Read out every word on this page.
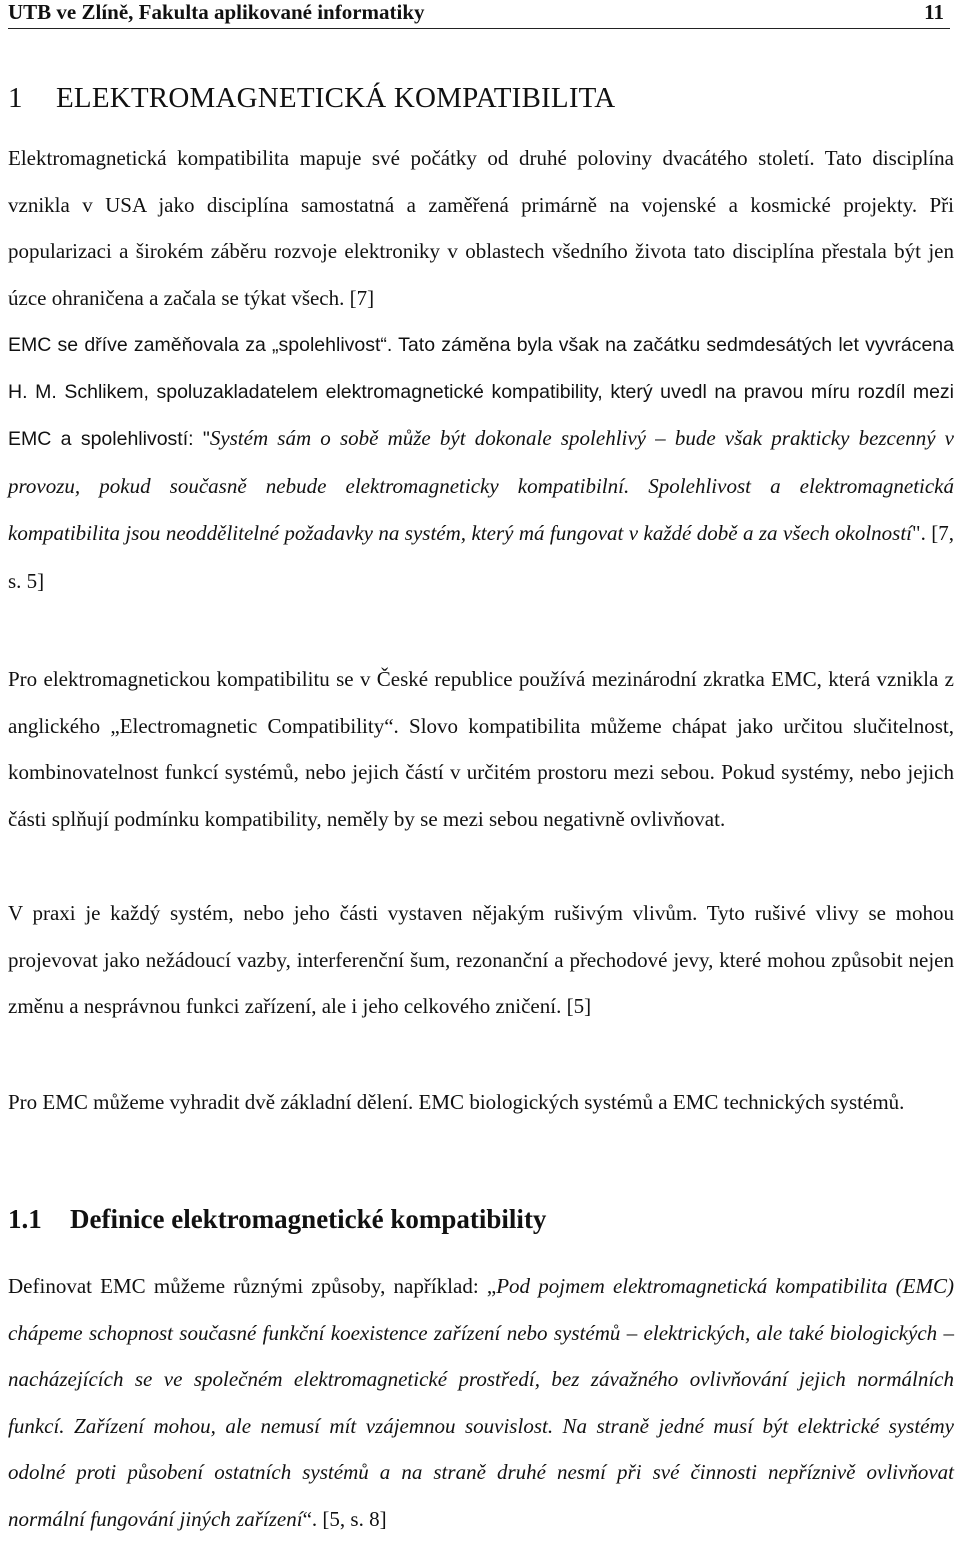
UTB ve Zlíně, Fakulta aplikované informatiky	11
1 ELEKTROMAGNETICKÁ KOMPATIBILITA
Elektromagnetická kompatibilita mapuje své počátky od druhé poloviny dvacátého století. Tato disciplína vznikla v USA jako disciplína samostatná a zaměřená primárně na vojenské a kosmické projekty. Při popularizaci a širokém záběru rozvoje elektroniky v oblastech všedního života tato disciplína přestala být jen úzce ohraničena a začala se týkat všech. [7]
EMC se dříve zaměňovala za „spolehlivost“. Tato záměna byla však na začátku sedmdesátých let vyvrácena H. M. Schlikem, spoluzakladatelem elektromagnetické kompatibility, který uvedl na pravou míru rozdíl mezi EMC a spolehlivostí: "Systém sám o sobě může být dokonale spolehlivý – bude však prakticky bezcenný v provozu, pokud současně nebude elektromagneticky kompatibilní. Spolehlivost a elektromagnetická kompatibilita jsou neoddělitelné požadavky na systém, který má fungovat v každé době a za všech okolností". [7, s. 5]
Pro elektromagnetickou kompatibilitu se v České republice používá mezinárodní zkratka EMC, která vznikla z anglického „Electromagnetic Compatibility“. Slovo kompatibilita můžeme chápat jako určitou slučitelnost, kombinovatelnost funkcí systémů, nebo jejich částí v určitém prostoru mezi sebou. Pokud systémy, nebo jejich části splňují podmínku kompatibility, neměly by se mezi sebou negativně ovlivňovat.
V praxi je každý systém, nebo jeho části vystaven nějakým rušivým vlivům. Tyto rušivé vlivy se mohou projevovat jako nežádoucí vazby, interferenční šum, rezonanční a přechodové jevy, které mohou způsobit nejen změnu a nesprávnou funkci zařízení, ale i jeho celkového zničení. [5]
Pro EMC můžeme vyhradit dvě základní dělení. EMC biologických systémů a EMC technických systémů.
1.1 Definice elektromagnetické kompatibility
Definovat EMC můžeme různými způsoby, například: „Pod pojmem elektromagnetická kompatibilita (EMC) chápeme schopnost současné funkční koexistence zařízení nebo systémů – elektrických, ale také biologických – nacházejících se ve společném elektromagnetické prostředí, bez závažného ovlivňování jejich normálních funkcí. Zařízení mohou, ale nemusí mít vzájemnou souvislost. Na straně jedné musí být elektrické systémy odolné proti působení ostatních systémů a na straně druhé nesmí při své činnosti nepříznivě ovlivňovat normální fungování jiných zařízení“. [5, s. 8]
